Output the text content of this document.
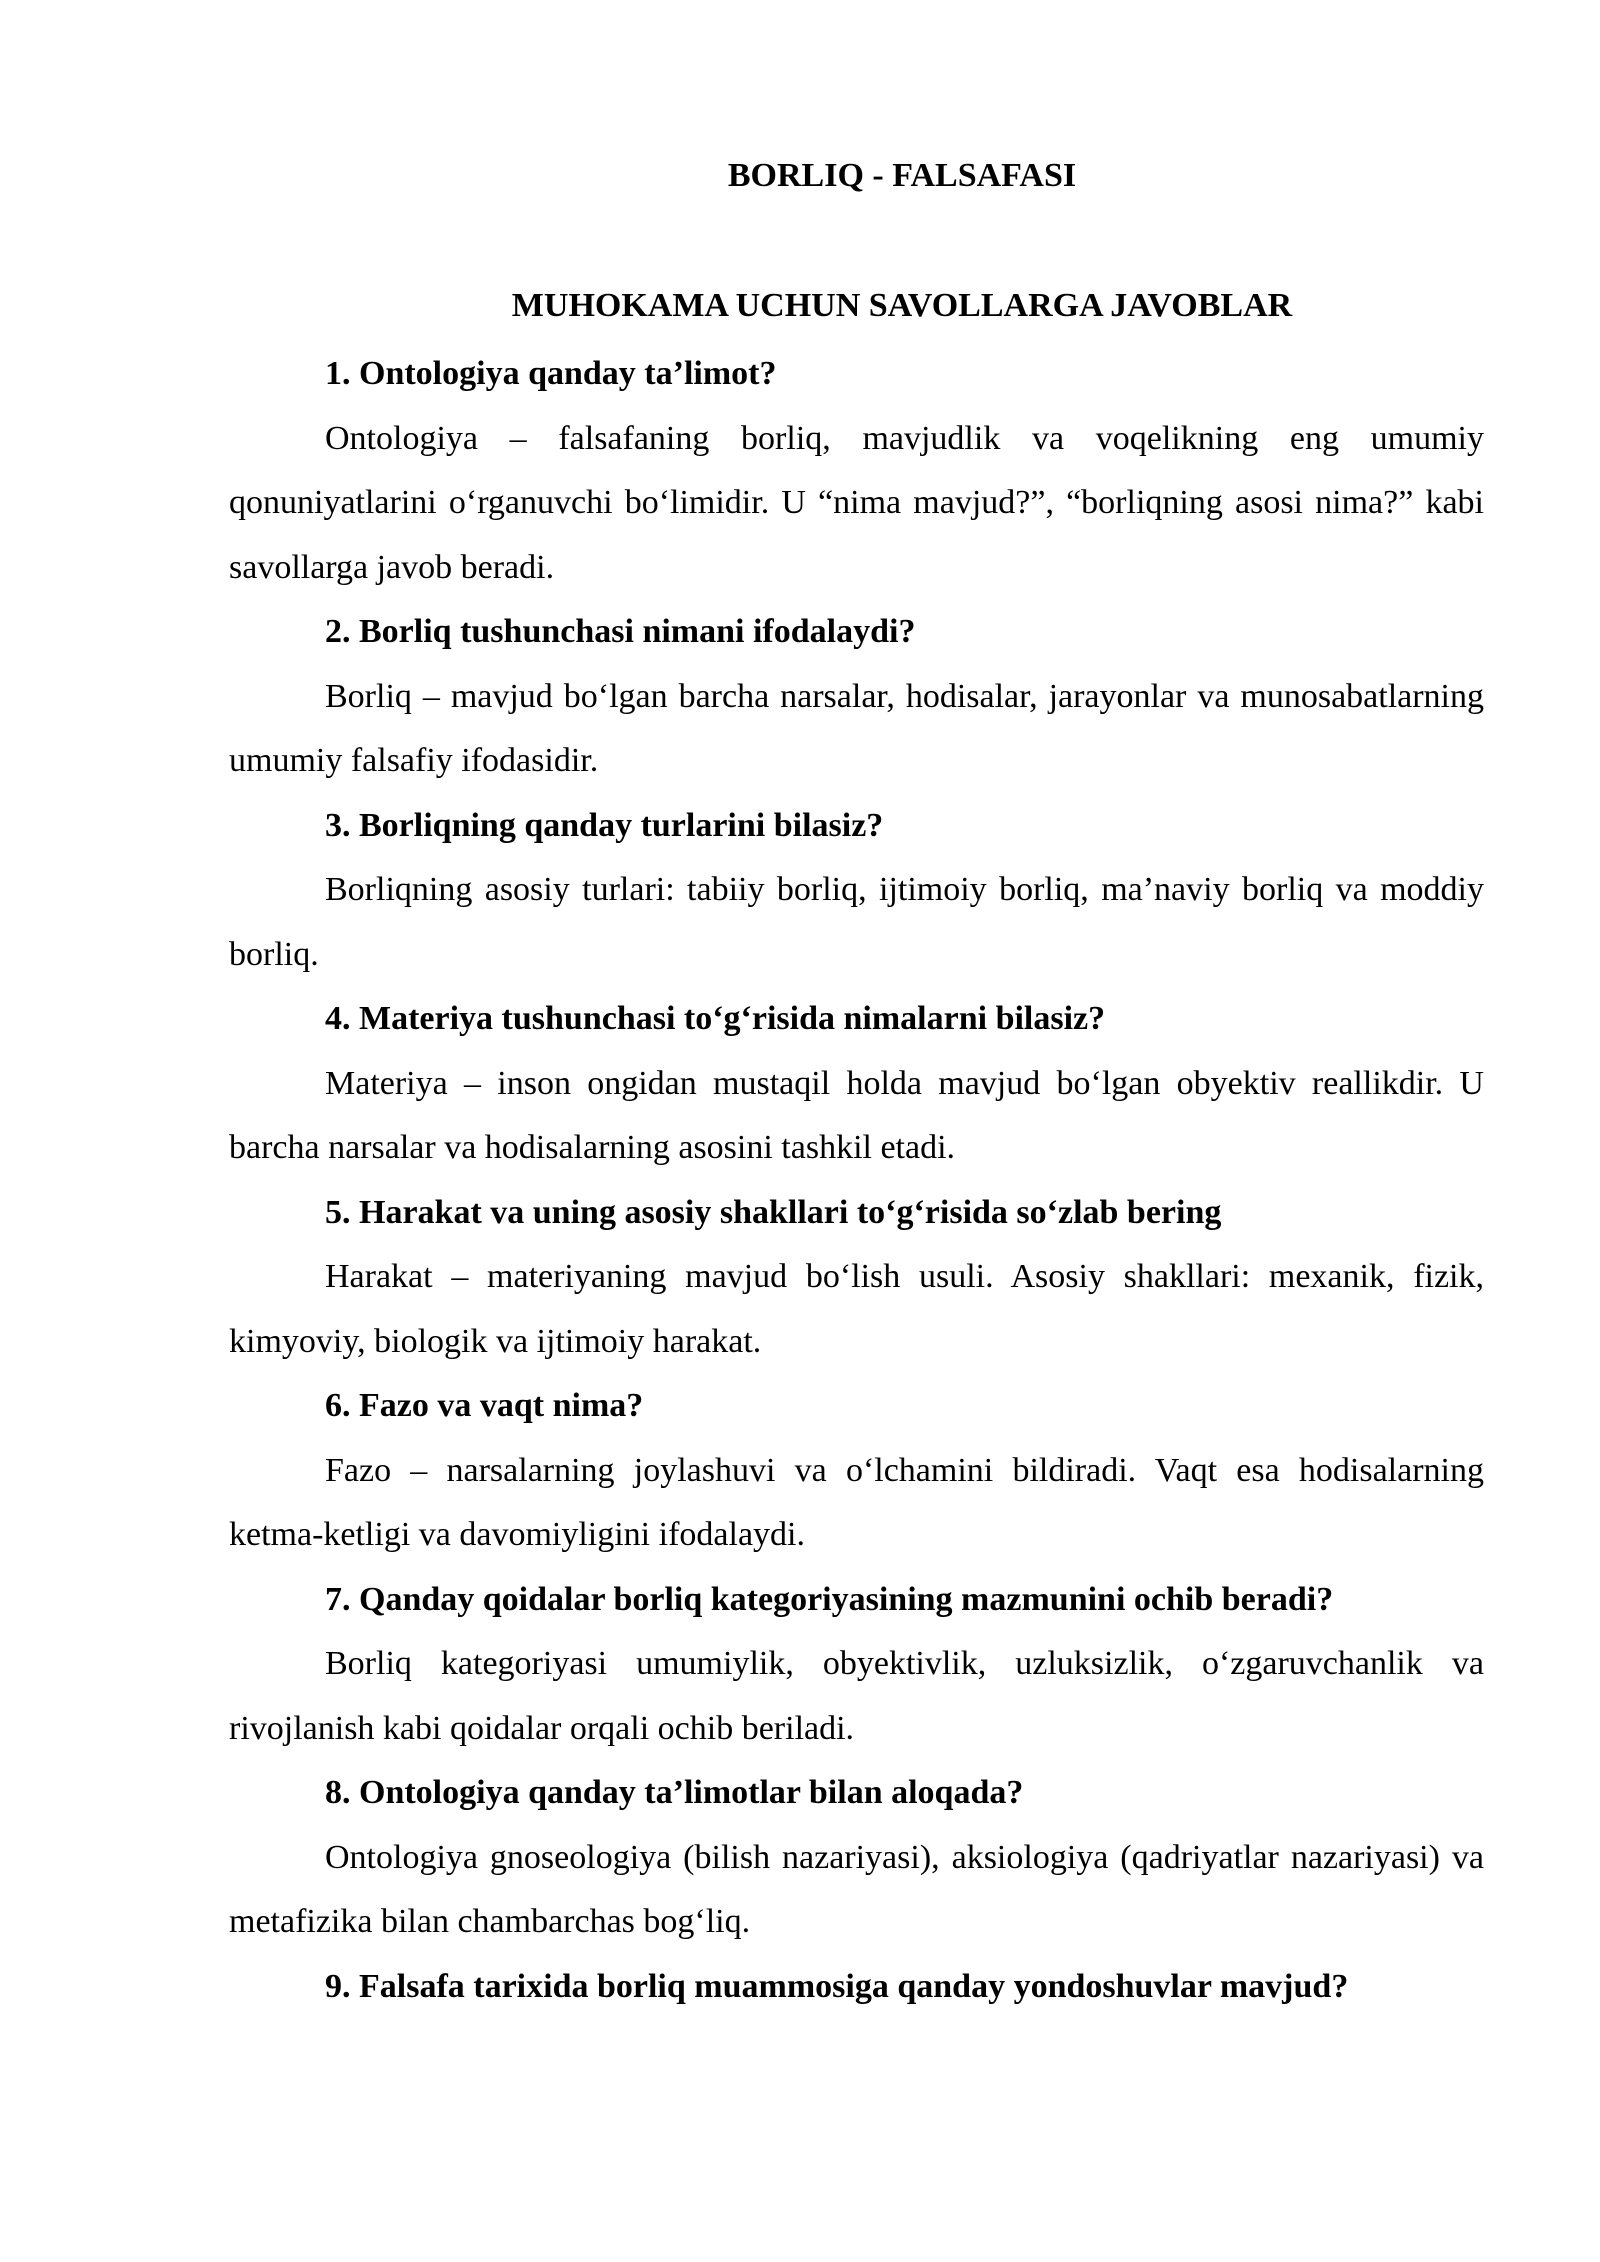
BORLIQ - FALSAFASI
MUHOKAMA UCHUN SAVOLLARGA JAVOBLAR

1. Ontologiya qanday ta’limot?

Ontologiya – falsafaning borliq, mavjudlik va voqelikning eng umumiy qonuniyatlarini o‘rganuvchi bo‘limidir. U “nima mavjud?”, “borliqning asosi nima?” kabi savollarga javob beradi.

2. Borliq tushunchasi nimani ifodalaydi?

Borliq – mavjud bo‘lgan barcha narsalar, hodisalar, jarayonlar va munosabatlarning umumiy falsafiy ifodasidir.

3. Borliqning qanday turlarini bilasiz?

Borliqning asosiy turlari: tabiiy borliq, ijtimoiy borliq, ma’naviy borliq va moddiy borliq.

4. Materiya tushunchasi to‘g‘risida nimalarni bilasiz?

Materiya – inson ongidan mustaqil holda mavjud bo‘lgan obyektiv reallikdir. U barcha narsalar va hodisalarning asosini tashkil etadi.

5. Harakat va uning asosiy shakllari to‘g‘risida so‘zlab bering

Harakat – materiyaning mavjud bo‘lish usuli. Asosiy shakllari: mexanik, fizik, kimyoviy, biologik va ijtimoiy harakat.

6. Fazo va vaqt nima?

Fazo – narsalarning joylashuvi va o‘lchamini bildiradi. Vaqt esa hodisalarning ketma-ketligi va davomiyligini ifodalaydi.

7. Qanday qoidalar borliq kategoriyasining mazmunini ochib beradi?

Borliq kategoriyasi umumiylik, obyektivlik, uzluksizlik, o‘zgaruvchanlik va rivojlanish kabi qoidalar orqali ochib beriladi.

8. Ontologiya qanday ta’limotlar bilan aloqada?

Ontologiya gnoseologiya (bilish nazariyasi), aksiologiya (qadriyatlar nazariyasi) va metafizika bilan chambarchas bog‘liq.

9. Falsafa tarixida borliq muammosiga qanday yondoshuvlar mavjud?
